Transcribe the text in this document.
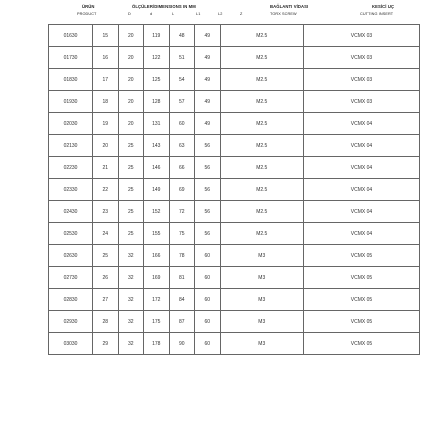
ÜRÜN
PRODUCT
ÖLÇÜLER/DIMENSIONS IN MM
D	d	L	L1	L2	Z
BAĞLANTI VİDASI
TORX SCREW
KESİCİ UÇ
CUTTING INSERT
01630	15	20	119	48	49	M2.5	VCMX 03
01730	16	20	122	51	49	M2.5	VCMX 03
01830	17	20	125	54	49	M2.5	VCMX 03
01930	18	20	128	57	49	M2.5	VCMX 03
02030	19	20	131	60	49	M2.5	VCMX 04
02130	20	25	143	63	56	M2.5	VCMX 04
02230	21	25	146	66	56	M2.5	VCMX 04
02330	22	25	149	69	56	M2.5	VCMX 04
02430	23	25	152	72	56	M2.5	VCMX 04
02530	24	25	155	75	56	M2.5	VCMX 04
02630	25	32	166	78	60	M3	VCMX 05
02730	26	32	169	81	60	M3	VCMX 05
02830	27	32	172	84	60	M3	VCMX 05
02930	28	32	175	87	60	M3	VCMX 05
03030	29	32	178	90	60	M3	VCMX 05
